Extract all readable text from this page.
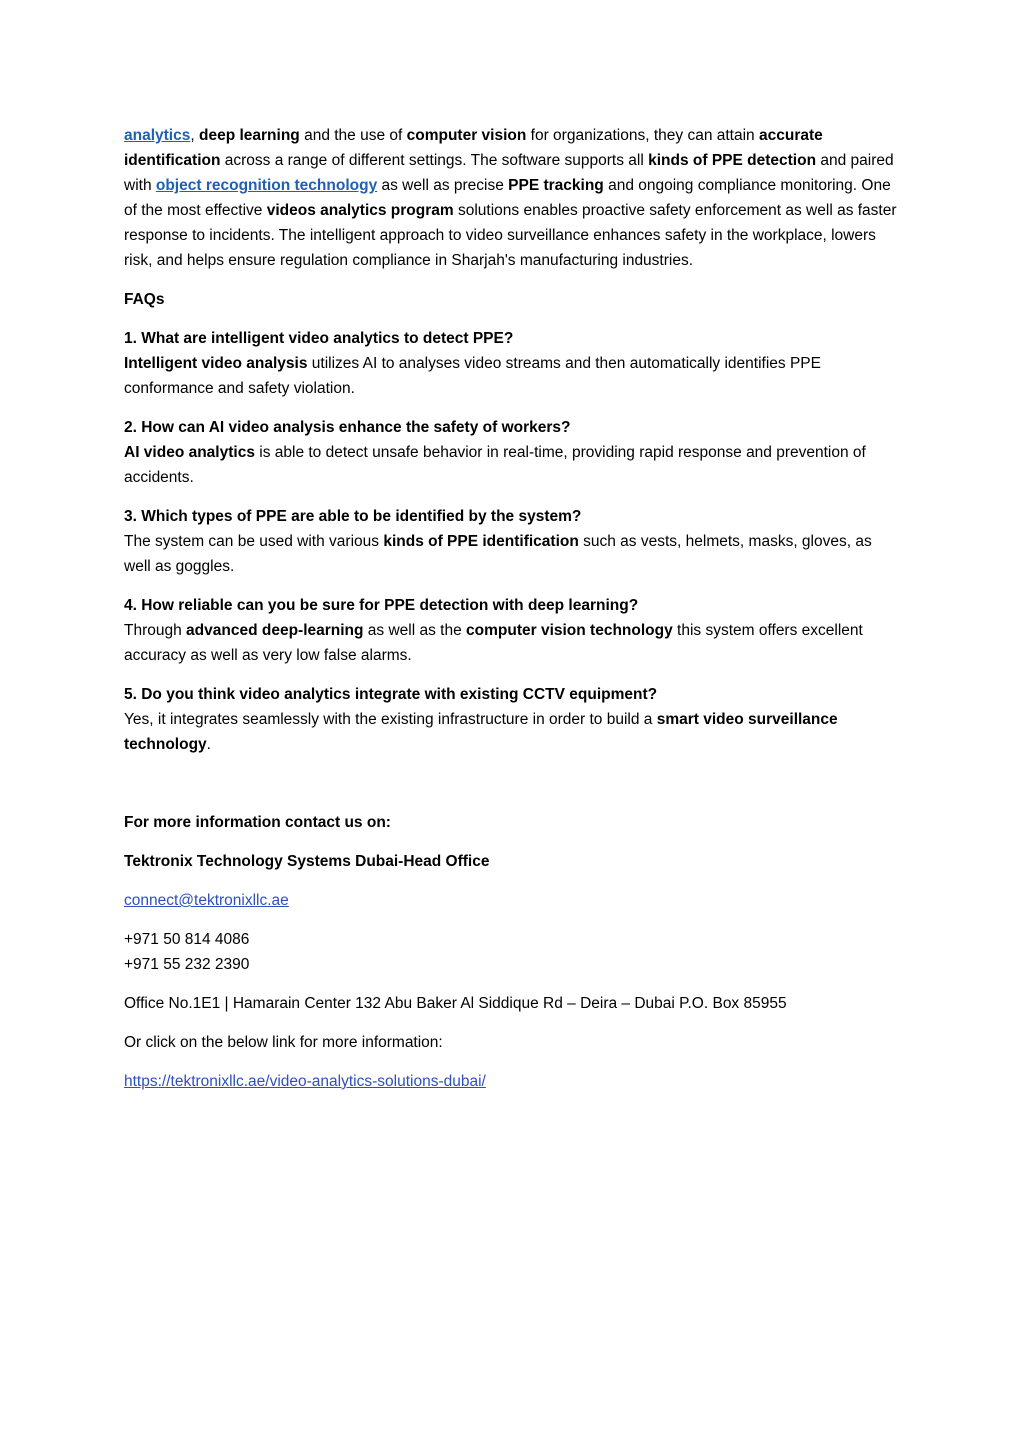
analytics, deep learning and the use of computer vision for organizations, they can attain accurate identification across a range of different settings. The software supports all kinds of PPE detection and paired with object recognition technology as well as precise PPE tracking and ongoing compliance monitoring. One of the most effective videos analytics program solutions enables proactive safety enforcement as well as faster response to incidents. The intelligent approach to video surveillance enhances safety in the workplace, lowers risk, and helps ensure regulation compliance in Sharjah's manufacturing industries.

FAQs

1. What are intelligent video analytics to detect PPE?
Intelligent video analysis utilizes AI to analyses video streams and then automatically identifies PPE conformance and safety violation.

2. How can AI video analysis enhance the safety of workers?
AI video analytics is able to detect unsafe behavior in real-time, providing rapid response and prevention of accidents.

3. Which types of PPE are able to be identified by the system?
The system can be used with various kinds of PPE identification such as vests, helmets, masks, gloves, as well as goggles.

4. How reliable can you be sure for PPE detection with deep learning?
Through advanced deep-learning as well as the computer vision technology this system offers excellent accuracy as well as very low false alarms.

5. Do you think video analytics integrate with existing CCTV equipment?
Yes, it integrates seamlessly with the existing infrastructure in order to build a smart video surveillance technology.

For more information contact us on:

Tektronix Technology Systems Dubai-Head Office

connect@tektronixllc.ae

+971 50 814 4086
+971 55 232 2390

Office No.1E1 | Hamarain Center 132 Abu Baker Al Siddique Rd – Deira – Dubai P.O. Box 85955

Or click on the below link for more information:

https://tektronixllc.ae/video-analytics-solutions-dubai/
